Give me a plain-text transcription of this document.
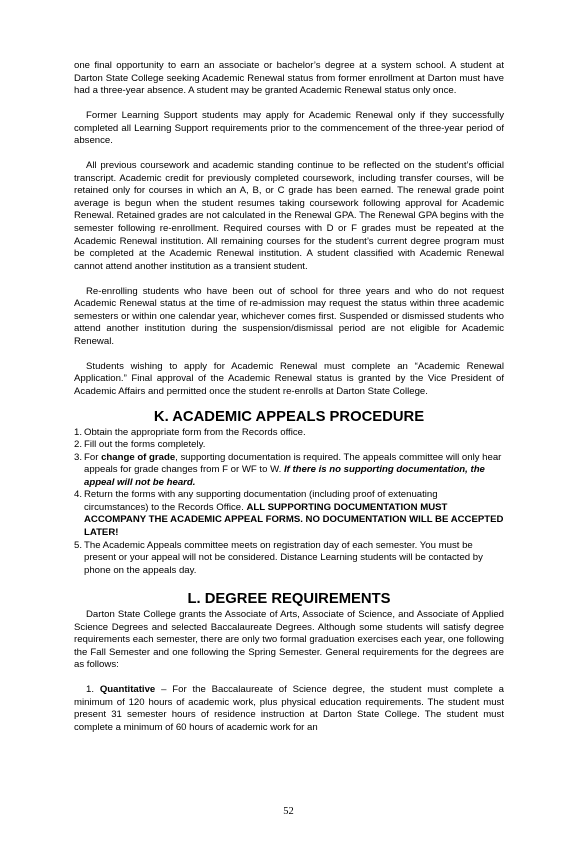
one final opportunity to earn an associate or bachelor’s degree at a system school. A student at Darton State College seeking Academic Renewal status from former enrollment at Darton must have had a three-year absence. A student may be granted Academic Renewal status only once.

Former Learning Support students may apply for Academic Renewal only if they successfully completed all Learning Support requirements prior to the commencement of the three-year period of absence.

All previous coursework and academic standing continue to be reflected on the student’s official transcript. Academic credit for previously completed coursework, including transfer courses, will be retained only for courses in which an A, B, or C grade has been earned. The renewal grade point average is begun when the student resumes taking coursework following approval for Academic Renewal. Retained grades are not calculated in the Renewal GPA. The Renewal GPA begins with the semester following re-enrollment. Required courses with D or F grades must be repeated at the Academic Renewal institution. All remaining courses for the student’s current degree program must be completed at the Academic Renewal institution. A student classified with Academic Renewal cannot attend another institution as a transient student.

Re-enrolling students who have been out of school for three years and who do not request Academic Renewal status at the time of re-admission may request the status within three academic semesters or within one calendar year, whichever comes first. Suspended or dismissed students who attend another institution during the suspension/dismissal period are not eligible for Academic Renewal.

Students wishing to apply for Academic Renewal must complete an “Academic Renewal Application.” Final approval of the Academic Renewal status is granted by the Vice President of Academic Affairs and permitted once the student re-enrolls at Darton State College.

K. ACADEMIC APPEALS PROCEDURE
1. Obtain the appropriate form from the Records office.
2. Fill out the forms completely.
3. For change of grade, supporting documentation is required. The appeals committee will only hear appeals for grade changes from F or WF to W. If there is no supporting documentation, the appeal will not be heard.
4. Return the forms with any supporting documentation (including proof of extenuating circumstances) to the Records Office. ALL SUPPORTING DOCUMENTATION MUST ACCOMPANY THE ACADEMIC APPEAL FORMS. NO DOCUMENTATION WILL BE ACCEPTED LATER!
5. The Academic Appeals committee meets on registration day of each semester. You must be present or your appeal will not be considered. Distance Learning students will be contacted by phone on the appeals day.
L. DEGREE REQUIREMENTS

Darton State College grants the Associate of Arts, Associate of Science, and Associate of Applied Science Degrees and selected Baccalaureate Degrees. Although some students will satisfy degree requirements each semester, there are only two formal graduation exercises each year, one following the Fall Semester and one following the Spring Semester. General requirements for the degrees are as follows:

1. Quantitative – For the Baccalaureate of Science degree, the student must complete a minimum of 120 hours of academic work, plus physical education requirements. The student must present 31 semester hours of residence instruction at Darton State College. The student must complete a minimum of 60 hours of academic work for an

52
